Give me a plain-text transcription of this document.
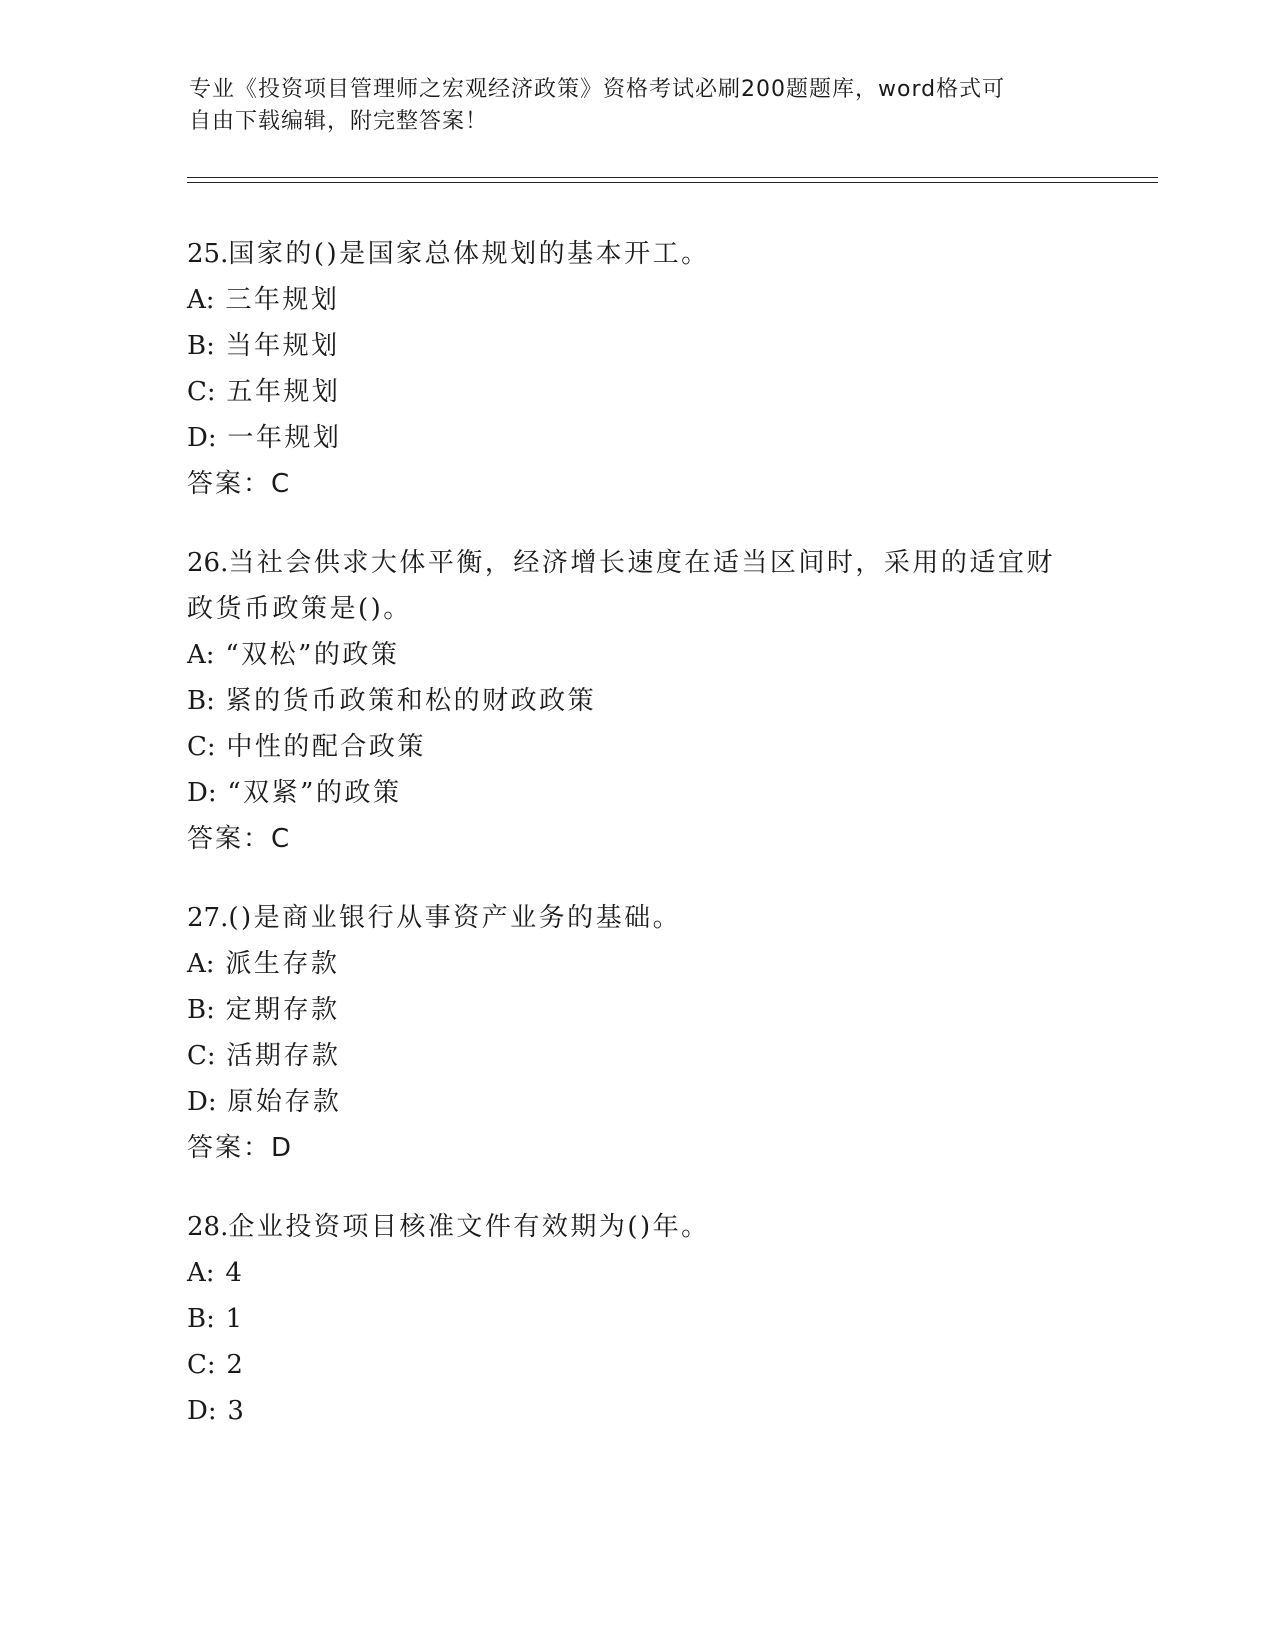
专业《投资项目管理师之宏观经济政策》资格考试必刷200题题库，word格式可
自由下载编辑，附完整答案！
25.国家的()是国家总体规划的基本开工。
A: 三年规划
B: 当年规划
C: 五年规划
D: 一年规划
答案：C
26.当社会供求大体平衡，经济增长速度在适当区间时，采用的适宜财
政货币政策是()。
A: “双松”的政策
B: 紧的货币政策和松的财政政策
C: 中性的配合政策
D: “双紧”的政策
答案：C
27.()是商业银行从事资产业务的基础。
A: 派生存款
B: 定期存款
C: 活期存款
D: 原始存款
答案：D
28.企业投资项目核准文件有效期为()年。
A: 4
B: 1
C: 2
D: 3
